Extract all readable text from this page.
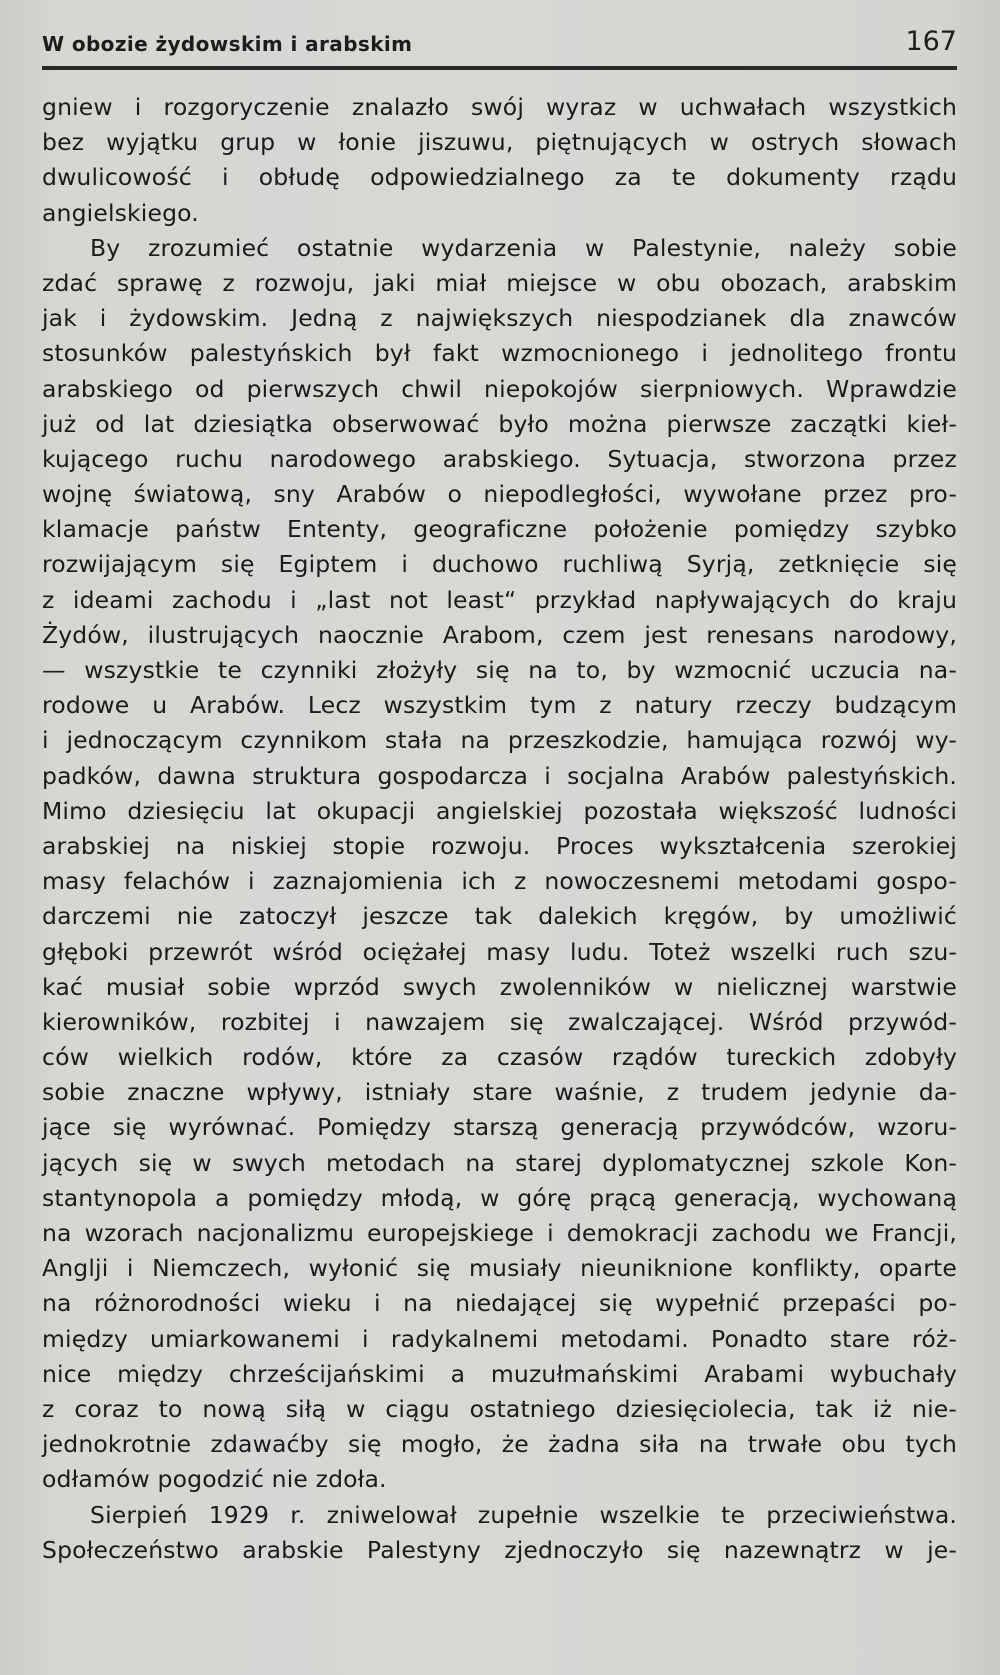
W obozie żydowskim i arabskim	167
gniew i rozgoryczenie znalazło swój wyraz w uchwałach wszystkich
bez wyjątku grup w łonie jiszuwu, piętnujących w ostrych słowach
dwulicowość i obłudę odpowiedzialnego za te dokumenty rządu
angielskiego.
By zrozumieć ostatnie wydarzenia w Palestynie, należy sobie
zdać sprawę z rozwoju, jaki miał miejsce w obu obozach, arabskim
jak i żydowskim. Jedną z największych niespodzianek dla znawców
stosunków palestyńskich był fakt wzmocnionego i jednolitego frontu
arabskiego od pierwszych chwil niepokojów sierpniowych. Wprawdzie
już od lat dziesiątka obserwować było można pierwsze zaczątki kieł-
kującego ruchu narodowego arabskiego. Sytuacja, stworzona przez
wojnę światową, sny Arabów o niepodległości, wywołane przez pro-
klamacje państw Ententy, geograficzne położenie pomiędzy szybko
rozwijającym się Egiptem i duchowo ruchliwą Syrją, zetknięcie się
z ideami zachodu i „last not least“ przykład napływających do kraju
Żydów, ilustrujących naocznie Arabom, czem jest renesans narodowy,
— wszystkie te czynniki złożyły się na to, by wzmocnić uczucia na-
rodowe u Arabów. Lecz wszystkim tym z natury rzeczy budzącym
i jednoczącym czynnikom stała na przeszkodzie, hamująca rozwój wy-
padków, dawna struktura gospodarcza i socjalna Arabów palestyńskich.
Mimo dziesięciu lat okupacji angielskiej pozostała większość ludności
arabskiej na niskiej stopie rozwoju. Proces wykształcenia szerokiej
masy felachów i zaznajomienia ich z nowoczesnemi metodami gospo-
darczemi nie zatoczył jeszcze tak dalekich kręgów, by umożliwić
głęboki przewrót wśród ociężałej masy ludu. Toteż wszelki ruch szu-
kać musiał sobie wprzód swych zwolenników w nielicznej warstwie
kierowników, rozbitej i nawzajem się zwalczającej. Wśród przywód-
ców wielkich rodów, które za czasów rządów tureckich zdobyły
sobie znaczne wpływy, istniały stare waśnie, z trudem jedynie da-
jące się wyrównać. Pomiędzy starszą generacją przywódców, wzoru-
jących się w swych metodach na starej dyplomatycznej szkole Kon-
stantynopola a pomiędzy młodą, w górę prącą generacją, wychowaną
na wzorach nacjonalizmu europejskiege i demokracji zachodu we Francji,
Anglji i Niemczech, wyłonić się musiały nieuniknione konflikty, oparte
na różnorodności wieku i na niedającej się wypełnić przepaści po-
między umiarkowanemi i radykalnemi metodami. Ponadto stare róż-
nice między chrześcijańskimi a muzułmańskimi Arabami wybuchały
z coraz to nową siłą w ciągu ostatniego dziesięciolecia, tak iż nie-
jednokrotnie zdawaćby się mogło, że żadna siła na trwałe obu tych
odłamów pogodzić nie zdoła.
Sierpień 1929 r. zniwelował zupełnie wszelkie te przeciwieństwa.
Społeczeństwo arabskie Palestyny zjednoczyło się nazewnątrz w je-
